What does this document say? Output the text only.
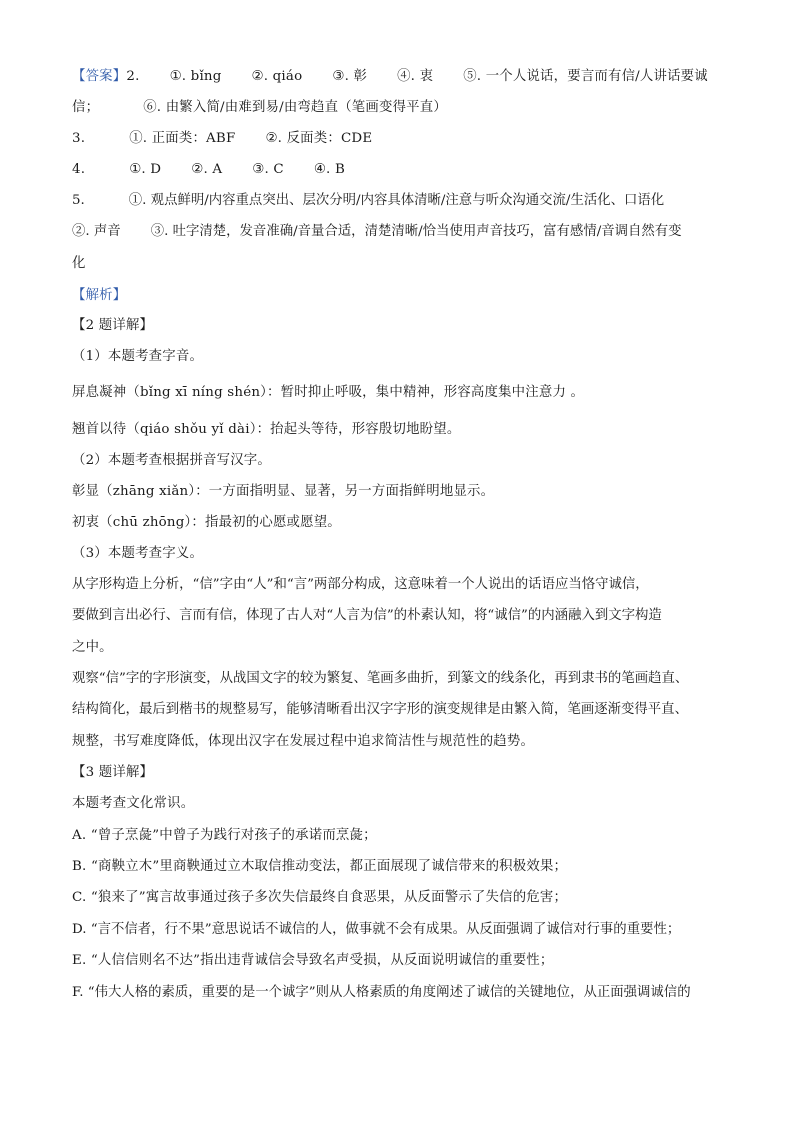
【答案】2. ①. bǐng ②. qiáo ③. 彰 ④. 衷 ⑤. 一个人说话，要言而有信/人讲话要诚
信；	⑥. 由繁入简/由难到易/由弯趋直（笔画变得平直）
3.	①. 正面类：ABF ②. 反面类：CDE
4.	①. D ②. A ③. C ④. B
5.	①. 观点鲜明/内容重点突出、层次分明/内容具体清晰/注意与听众沟通交流/生活化、口语化
②. 声音 ③. 吐字清楚，发音准确/音量合适，清楚清晰/恰当使用声音技巧，富有感情/音调自然有变
化
【解析】
【2 题详解】
（1）本题考查字音。
屏息凝神（bǐng xī níng shén）：暂时抑止呼吸，集中精神，形容高度集中注意力 。
翘首以待（qiáo shǒu yǐ dài）：抬起头等待，形容殷切地盼望。
（2）本题考查根据拼音写汉字。
彰显（zhāng xiǎn）：一方面指明显、显著，另一方面指鲜明地显示。
初衷（chū zhōng）：指最初的心愿或愿望。
（3）本题考查字义。
从字形构造上分析，“信”字由“人”和“言”两部分构成，这意味着一个人说出的话语应当恪守诚信，
要做到言出必行、言而有信，体现了古人对“人言为信”的朴素认知，将“诚信”的内涵融入到文字构造
之中。
观察“信”字的字形演变，从战国文字的较为繁复、笔画多曲折，到篆文的线条化，再到隶书的笔画趋直、
结构简化，最后到楷书的规整易写，能够清晰看出汉字字形的演变规律是由繁入简，笔画逐渐变得平直、
规整，书写难度降低，体现出汉字在发展过程中追求简洁性与规范性的趋势。
【3 题详解】
本题考查文化常识。
A. “曾子烹彘”中曾子为践行对孩子的承诺而烹彘；
B. “商鞅立木”里商鞅通过立木取信推动变法，都正面展现了诚信带来的积极效果；
C. “狼来了”寓言故事通过孩子多次失信最终自食恶果，从反面警示了失信的危害；
D. “言不信者，行不果”意思说话不诚信的人，做事就不会有成果。从反面强调了诚信对行事的重要性；
E. “人信信则名不达”指出违背诚信会导致名声受损，从反面说明诚信的重要性；
F. “伟大人格的素质，重要的是一个诚字”则从人格素质的角度阐述了诚信的关键地位，从正面强调诚信的
